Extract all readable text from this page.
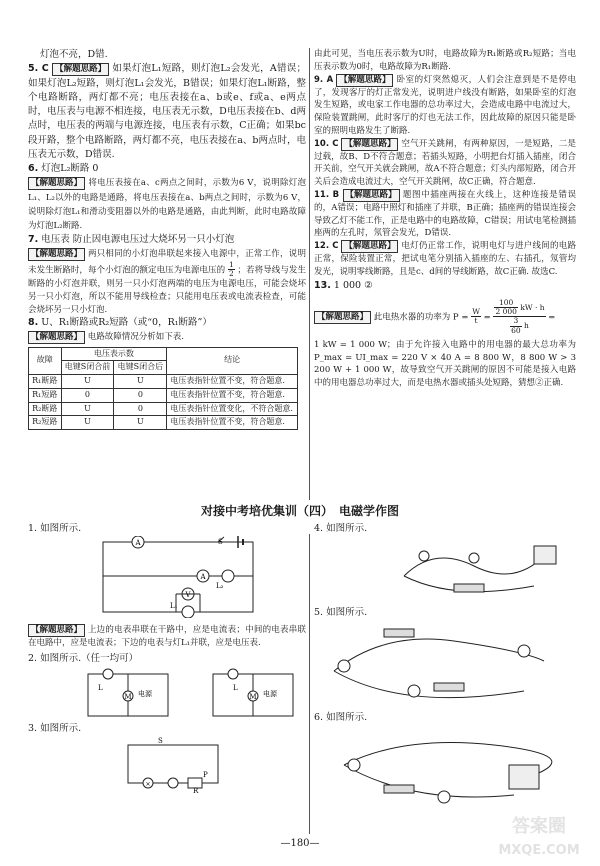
灯泡不亮，D错.

5. C 【解题思路】 如果灯泡L₁短路，则灯泡L₂会发光，A错误；如果灯泡L₂短路，则灯泡L₁会发光，B错误；如果灯泡L₁断路，整个电路断路，两灯都不亮；电压表接在a、b或e、f或a、e两点时，电压表与电源不相连接，电压表无示数，D电压表接在b、d两点时，电压表的两端与电源连接，电压表有示数，C正确；如果bc段开路，整个电路断路，两灯都不亮，电压表接在a、b两点时，电压表无示数，D错误.

6. 灯泡L₂断路 0

【解题思路】 将电压表接在a、c两点之间时，示数为6 V，说明除灯泡L₁、L₂以外的电路是通路，将电压表接在a、b两点之间时，示数为6 V，说明除灯泡L₁和滑动变阻器以外的电路是通路，由此判断，此时电路故障为灯泡L₂断路.

7. 电压表 防止因电源电压过大烧坏另一只小灯泡

【解题思路】 两只相同的小灯泡串联起来接入电源中，正常工作，说明未发生断路时，每个小灯泡的额定电压为电源电压的 $\frac{1}{2}$ ；若将导线与发生断路的小灯泡并联，则另一只小灯泡两端的电压为电源电压，可能会烧坏另一只小灯泡，所以不能用导线检查；只能用电压表或电流表检查，可能会烧坏另一只小灯泡.

8. U、R₁断路或R₂短路（或“0，R₁断路”）

【解题思路】 电路故障情况分析如下表.

故障	电压表示数		结论
	电键S闭合前	电键S闭合后	
R₁断路	U	U	电压表指针位置不变，符合题意.
R₁短路	0	0	电压表指针位置不变，符合题意.
R₂断路	U	0	电压表指针位置变化，不符合题意.
R₂短路	U	U	电压表指针位置不变，符合题意.

由此可见，当电压表示数为U时，电路故障为R₁断路或R₂短路；当电压表示数为0时，电路故障为R₁断路.

9. A 【解题思路】 卧室的灯突然熄灭，人们会注意到是不是停电了，发现客厅的灯正常发光，说明进户线没有断路，如果卧室的灯泡发生短路，或电家工作电器的总功率过大，会造成电路中电流过大，保险装置跳闸，此时客厅的灯也无法工作，因此故障的原因只能是卧室的照明电路发生了断路.

10. C 【解题思路】 空气开关跳闸，有两种原因，一是短路，二是过载，故B、D不符合题意；若插头短路，小明把台灯插入插座，闭合开关前，空气开关就会跳闸，故A不符合题意；灯头内部短路，闭合开关后会造成电流过大，空气开关跳闸，故C正确，符合题意.

11. B 【解题思路】 题图中插座两接在火线上，这种连接是错误的，A错误；电路中照灯和插座了并联，B正确；插座两的错误连接会导致乙灯不能工作，正是电路中的电路故障，C错误；用试电笔检测插座两的左孔时，氖管会发光，D错误.

12. C 【解题思路】 电灯仍正常工作，说明电灯与进户线间的电路正常，保险装置正常，把试电笔分别插入插座的左、右插孔，氖管均发光，说明零线断路，且是c、d间的导线断路，故C正确. 故选C.

13. 1 000 ②

【解题思路】 此电热水器的功率为 $P = \frac{W}{t} = \frac{\frac{100}{2 000} kW \cdot h}{\frac{3}{60} h}$ =

1 kW = 1 000 W；由于允许接入电路中的用电器的最大总功率为 P_max = UI_max = 220 V × 40 A = 8 800 W，8 800 W > 3 200 W + 1 000 W，故导致空气开关跳闸的原因不可能是接入电路中的用电器总功率过大，而是电热水器或插头处短路，猜想②正确.

对接中考培优集训（四）　电磁学作图

1. 如图所示.

A
A
V
S
L₂
L₁

【解题思路】 上边的电表串联在干路中，应是电流表；中间的电表串联在电路中，应是电流表；下边的电表与灯L₁并联，应是电压表.

2. 如图所示.（任一均可）

M	M
L	L
电源	电源

3. 如图所示.

×
S
R
P

4. 如图所示.

5. 如图所示.

6. 如图所示.

—180—
答案圈
MXQE.COM
